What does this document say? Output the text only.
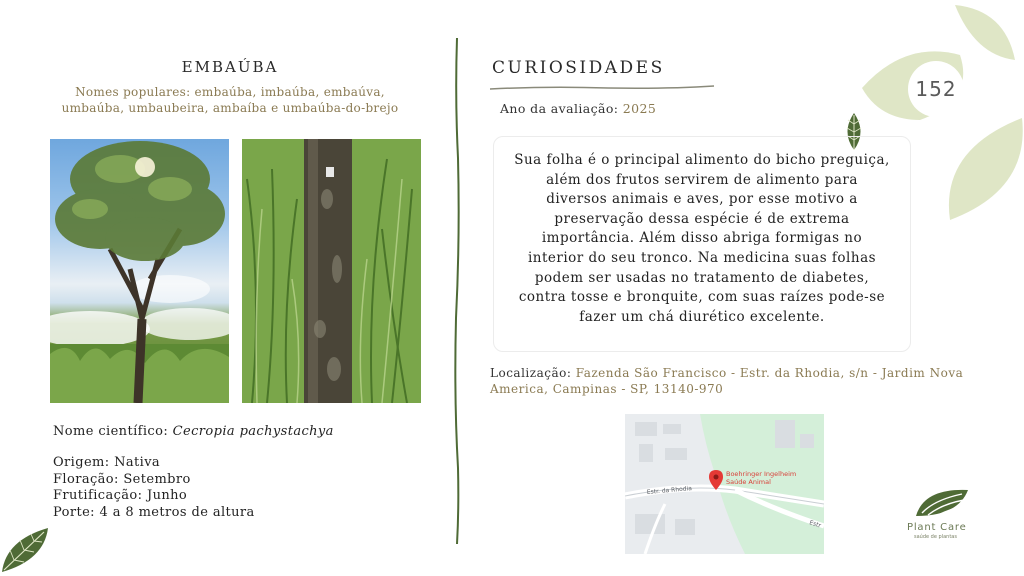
EMBAÚBA
Nomes populares: embaúba, imbaúba, embaúva,
umbaúba, umbaubeira, ambaíba e umbaúba-do-brejo
Nome científico: Cecropia pachystachya
Origem: Nativa
Floração: Setembro
Frutificação: Junho
Porte: 4 a 8 metros de altura
CURIOSIDADES
Ano da avaliação: 2025

Sua folha é o principal alimento do bicho preguiça, além dos frutos servirem de alimento para diversos animais e aves, por esse motivo a preservação dessa espécie é de extrema importância. Além disso abriga formigas no interior do seu tronco. Na medicina suas folhas podem ser usadas no tratamento de diabetes, contra tosse e bronquite, com suas raízes pode-se fazer um chá diurético excelente.

Localização: Fazenda São Francisco - Estr. da Rhodia, s/n - Jardim Nova America, Campinas - SP, 13140-970
Boehringer Ingelheim
Saúde Animal
Estr. da Rhodia
Estr
152
Plant Care
saúde de plantas
